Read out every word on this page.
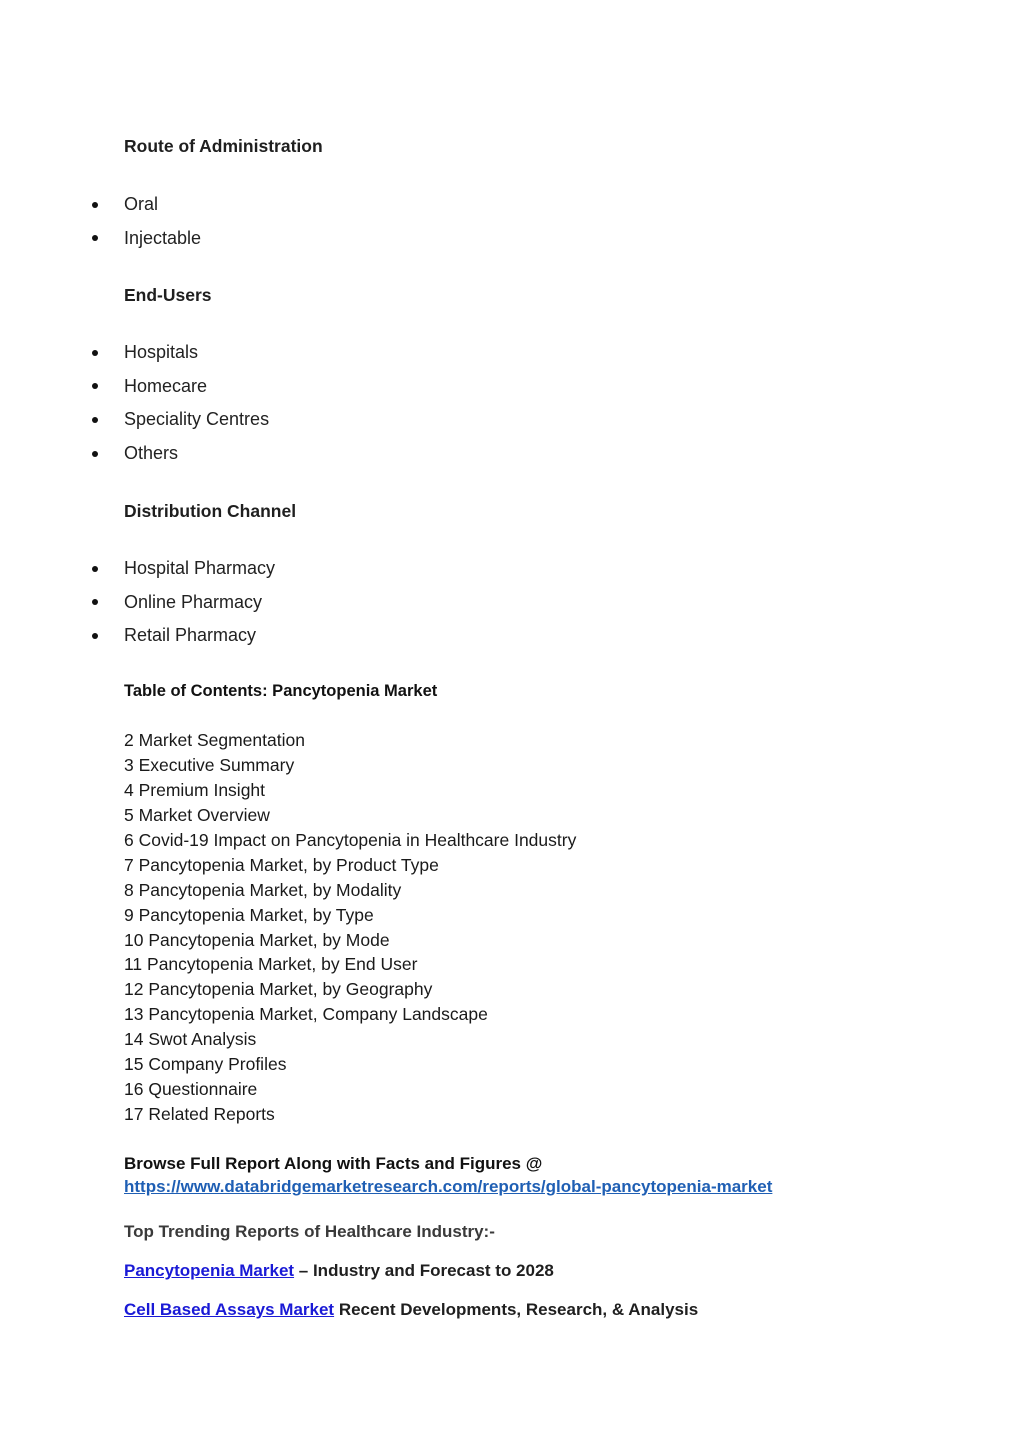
Route of Administration
Oral
Injectable
End-Users
Hospitals
Homecare
Speciality Centres
Others
Distribution Channel
Hospital Pharmacy
Online Pharmacy
Retail Pharmacy
Table of Contents: Pancytopenia Market
2 Market Segmentation
3 Executive Summary
4 Premium Insight
5 Market Overview
6 Covid-19 Impact on Pancytopenia in Healthcare Industry
7 Pancytopenia Market, by Product Type
8 Pancytopenia Market, by Modality
9 Pancytopenia Market, by Type
10 Pancytopenia Market, by Mode
11 Pancytopenia Market, by End User
12 Pancytopenia Market, by Geography
13 Pancytopenia Market, Company Landscape
14 Swot Analysis
15 Company Profiles
16 Questionnaire
17 Related Reports
Browse Full Report Along with Facts and Figures @
https://www.databridgemarketresearch.com/reports/global-pancytopenia-market
Top Trending Reports of Healthcare Industry:-
Pancytopenia Market – Industry and Forecast to 2028
Cell Based Assays Market Recent Developments, Research, & Analysis
